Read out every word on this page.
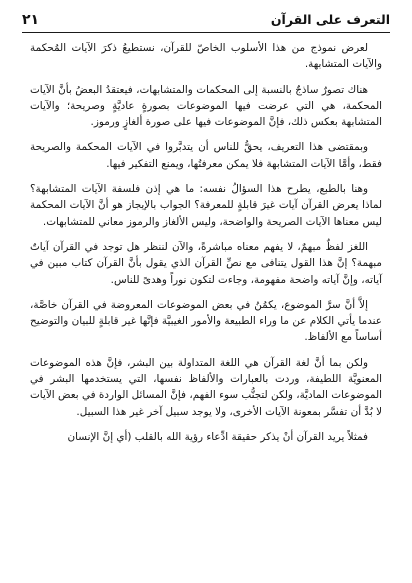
٢١	التعرف على القرآن

لعرض نموذج من هذا الأسلوب الخاصّ للقرآن، نستطيعُ ذكرَ الآيات المُحكمة والآيات المتشابهة.

هناك تصورٌ ساذجٌ بالنسبة إلى المحكمات والمتشابهات، فيعتقدُ البعضُ بأنَّ الآيات المحكمة، هي التي عرضت فيها الموضوعات بصورةٍ عاديَّةٍ وصريحة؛ والآيات المتشابهة بعكس ذلك، فإنَّ الموضوعات فيها على صورة ألغازٍ ورموز.

وبمقتضى هذا التعريف، يحقُّ للناس أن يتدبَّروا في الآيات المحكمة والصريحة فقط، وأمَّا الآيات المتشابهة فلا يمكن معرفتُها، ويمنع التفكير فيها.

وهنا بالطبع، يطرح هذا السؤالُ نفسه: ما هي إذن فلسفة الآيات المتشابهة؟ لماذا يعرض القرآن آيات غيرَ قابلةٍ للمعرفة؟ الجواب بالإيجاز هو أنَّ الآيات المحكمة ليس معناها الآيات الصريحة والواضحة، وليس الألغاز والرموز معاني للمتشابهات.

اللغز لفظٌ مبهمٌ، لا يفهم معناه مباشرةً، والآن لننظر هل توجد في القرآن آياتٌ مبهمة؟ إنَّ هذا القول يتنافى مع نصِّ القرآن الذي يقول بأنَّ القرآن كتاب مبين في آياته، وإنَّ آياته واضحة مفهومة، وجاءت لتكون نوراً وهدىً للناس.

إلاَّ أنَّ سرَّ الموضوع، يكمُنُ في بعض الموضوعات المعروضة في القرآن خاصَّة، عندما يأتي الكلام عن ما وراء الطبيعة والأمور الغيبيَّة فإنَّها غير قابلةٍ للبيان والتوضيح أساساً مع الألفاظ.

ولكن بما أنَّ لغة القرآن هي اللغة المتداولة بين البشر، فإنَّ هذه الموضوعات المعنويَّة اللطيفة، وردت بالعبارات والألفاظ نفسها، التي يستخدمها البشر في الموضوعات الماديَّة، ولكن لتجنُّب سوء الفهم، فإنَّ المسائل الواردة في بعض الآيات لا بُدَّ أن تفسَّر بمعونة الآيات الأخرى، ولا يوجد سبيل آخر غير هذا السبيل.

فمثلاً يريد القرآن أنْ يذكر حقيقة ادِّعاء رؤية الله بالقلب (أي إنَّ الإنسان
